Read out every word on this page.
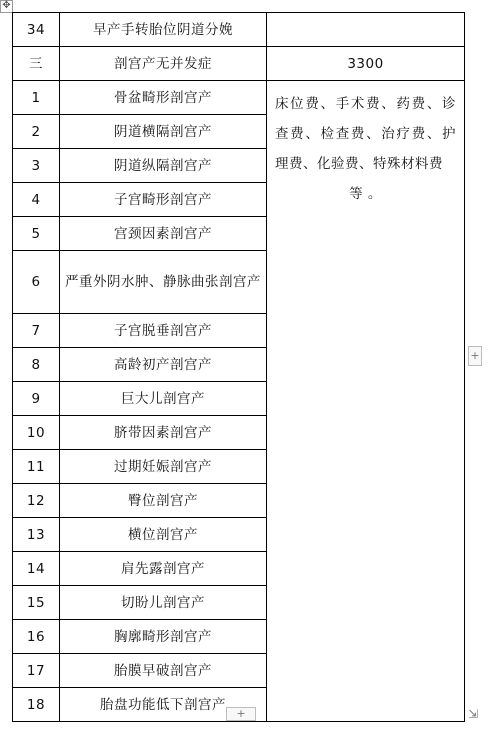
✥
34	早产手转胎位阴道分娩	
三	剖宫产无并发症	3300
1	骨盆畸形剖宫产	床位费、手术费、药费、诊查费、检查费、治疗费、护理费、化验费、特殊材料费
等 。

2	阴道横隔剖宫产	
3	阴道纵隔剖宫产	
4	子宫畸形剖宫产	
5	宫颈因素剖宫产	
6	严重外阴水肿、静脉曲张剖宫产	
7	子宫脱垂剖宫产	
8	高龄初产剖宫产	
9	巨大儿剖宫产	
10	脐带因素剖宫产	
11	过期妊娠剖宫产	
12	臀位剖宫产	
13	横位剖宫产	
14	肩先露剖宫产	
15	切盼儿剖宫产	
16	胸廓畸形剖宫产	
17	胎膜早破剖宫产	
18	胎盘功能低下剖宫产	
+
+	⇲
